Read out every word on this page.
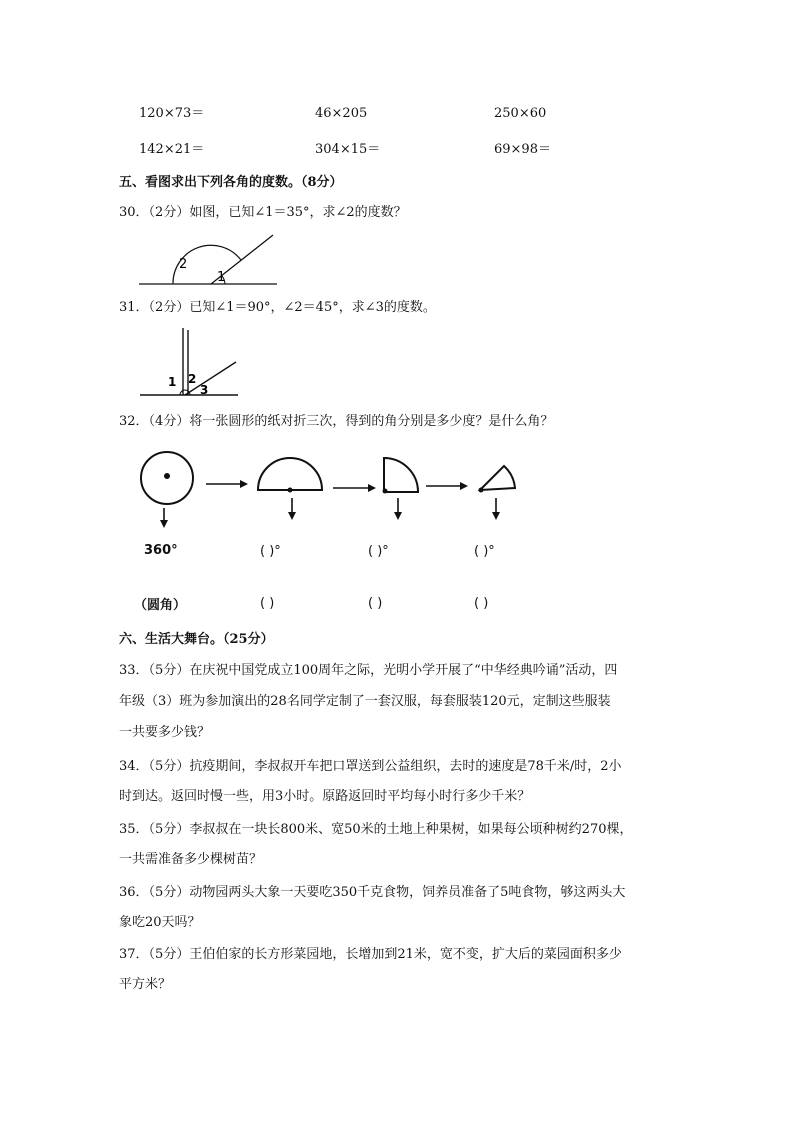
120×73＝	46×205	250×60
142×21＝	304×15＝	69×98＝
五、看图求出下列各角的度数。（8分）
30．（2分）如图，已知∠1＝35°，求∠2的度数？
2
1
31．（2分）已知∠1＝90°，∠2＝45°，求∠3的度数。
1 2
3
32．（4分）将一张圆形的纸对折三次，得到的角分别是多少度？是什么角？
360°	( )°	( )°	( )°
（圆角）	( )	( )	( )
六、生活大舞台。（25分）
33．（5分）在庆祝中国党成立100周年之际，光明小学开展了“中华经典吟诵”活动，四
年级（3）班为参加演出的28名同学定制了一套汉服，每套服装120元，定制这些服装
一共要多少钱？
34．（5分）抗疫期间，李叔叔开车把口罩送到公益组织，去时的速度是78千米/时，2小
时到达。返回时慢一些，用3小时。原路返回时平均每小时行多少千米？
35．（5分）李叔叔在一块长800米、宽50米的土地上种果树，如果每公顷种树约270棵，
一共需准备多少棵树苗？
36．（5分）动物园两头大象一天要吃350千克食物，饲养员准备了5吨食物，够这两头大
象吃20天吗？
37．（5分）王伯伯家的长方形菜园地，长增加到21米，宽不变，扩大后的菜园面积多少
平方米？
